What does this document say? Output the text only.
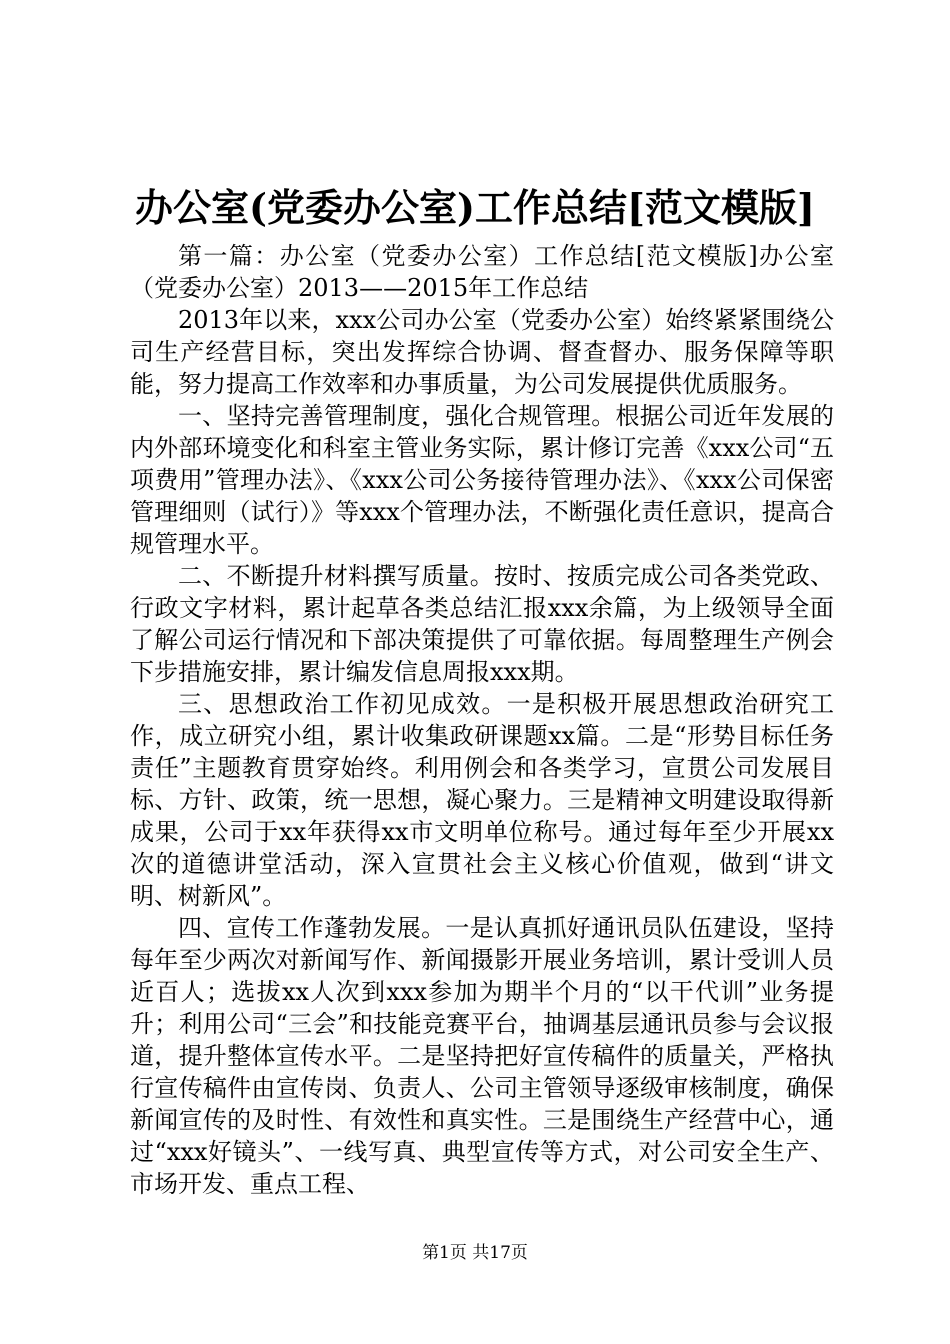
办公室(党委办公室)工作总结[范文模版]

第一篇：办公室（党委办公室）工作总结[范文模版]办公室（党委办公室）2013——2015年工作总结

2013年以来，xxx公司办公室（党委办公室）始终紧紧围绕公司生产经营目标，突出发挥综合协调、督查督办、服务保障等职能，努力提高工作效率和办事质量，为公司发展提供优质服务。

一、坚持完善管理制度，强化合规管理。根据公司近年发展的内外部环境变化和科室主管业务实际，累计修订完善《xxx公司“五项费用”管理办法》、《xxx公司公务接待管理办法》、《xxx公司保密管理细则（试行）》等xxx个管理办法，不断强化责任意识，提高合规管理水平。

二、不断提升材料撰写质量。按时、按质完成公司各类党政、行政文字材料，累计起草各类总结汇报xxx余篇，为上级领导全面了解公司运行情况和下部决策提供了可靠依据。每周整理生产例会下步措施安排，累计编发信息周报xxx期。

三、思想政治工作初见成效。一是积极开展思想政治研究工作，成立研究小组，累计收集政研课题xx篇。二是“形势目标任务责任”主题教育贯穿始终。利用例会和各类学习，宣贯公司发展目标、方针、政策，统一思想，凝心聚力。三是精神文明建设取得新成果，公司于xx年获得xx市文明单位称号。通过每年至少开展xx次的道德讲堂活动，深入宣贯社会主义核心价值观，做到“讲文明、树新风”。

四、宣传工作蓬勃发展。一是认真抓好通讯员队伍建设，坚持每年至少两次对新闻写作、新闻摄影开展业务培训，累计受训人员近百人；选拔xx人次到xxx参加为期半个月的“以干代训”业务提升；利用公司“三会”和技能竞赛平台，抽调基层通讯员参与会议报道，提升整体宣传水平。二是坚持把好宣传稿件的质量关，严格执行宣传稿件由宣传岗、负责人、公司主管领导逐级审核制度，确保新闻宣传的及时性、有效性和真实性。三是围绕生产经营中心，通过“xxx好镜头”、一线写真、典型宣传等方式，对公司安全生产、市场开发、重点工程、

第1页 共17页
